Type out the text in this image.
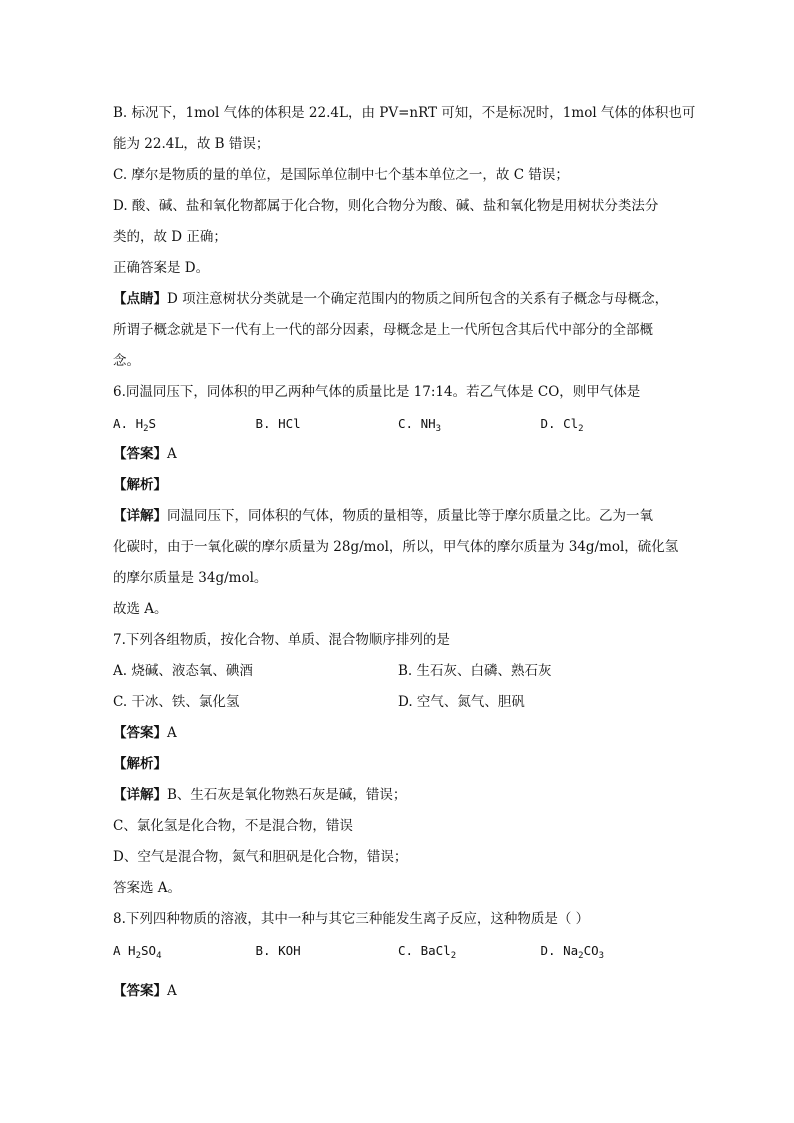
B. 标况下，1mol 气体的体积是 22.4L，由 PV=nRT 可知，不是标况时，1mol 气体的体积也可
能为 22.4L，故 B 错误；
C. 摩尔是物质的量的单位，是国际单位制中七个基本单位之一，故 C 错误；
D. 酸、碱、盐和氧化物都属于化合物，则化合物分为酸、碱、盐和氧化物是用树状分类法分
类的，故 D 正确；
正确答案是 D。
【点睛】D 项注意树状分类就是一个确定范围内的物质之间所包含的关系有子概念与母概念，
所谓子概念就是下一代有上一代的部分因素，母概念是上一代所包含其后代中部分的全部概
念。
6.同温同压下，同体积的甲乙两种气体的质量比是 17:14。若乙气体是 CO，则甲气体是
A. $H_2S$	B. HCl	C. $NH_3$	D. $Cl_2$
【答案】A
【解析】
【详解】同温同压下，同体积的气体，物质的量相等，质量比等于摩尔质量之比。乙为一氧
化碳时，由于一氧化碳的摩尔质量为 28g/mol，所以，甲气体的摩尔质量为 34g/mol，硫化氢
的摩尔质量是 34g/mol。
故选 A。
7.下列各组物质，按化合物、单质、混合物顺序排列的是
A. 烧碱、液态氧、碘酒	B. 生石灰、白磷、熟石灰
C. 干冰、铁、氯化氢	D. 空气、氮气、胆矾
【答案】A
【解析】
【详解】B、生石灰是氧化物熟石灰是碱，错误；
C、氯化氢是化合物，不是混合物，错误
D、空气是混合物，氮气和胆矾是化合物，错误；
答案选 A。
8.下列四种物质的溶液，其中一种与其它三种能发生离子反应，这种物质是（ ）
A $H_2SO_4$	B. KOH	C. BaCl$_2$	D. $Na_2CO_3$
【答案】A
